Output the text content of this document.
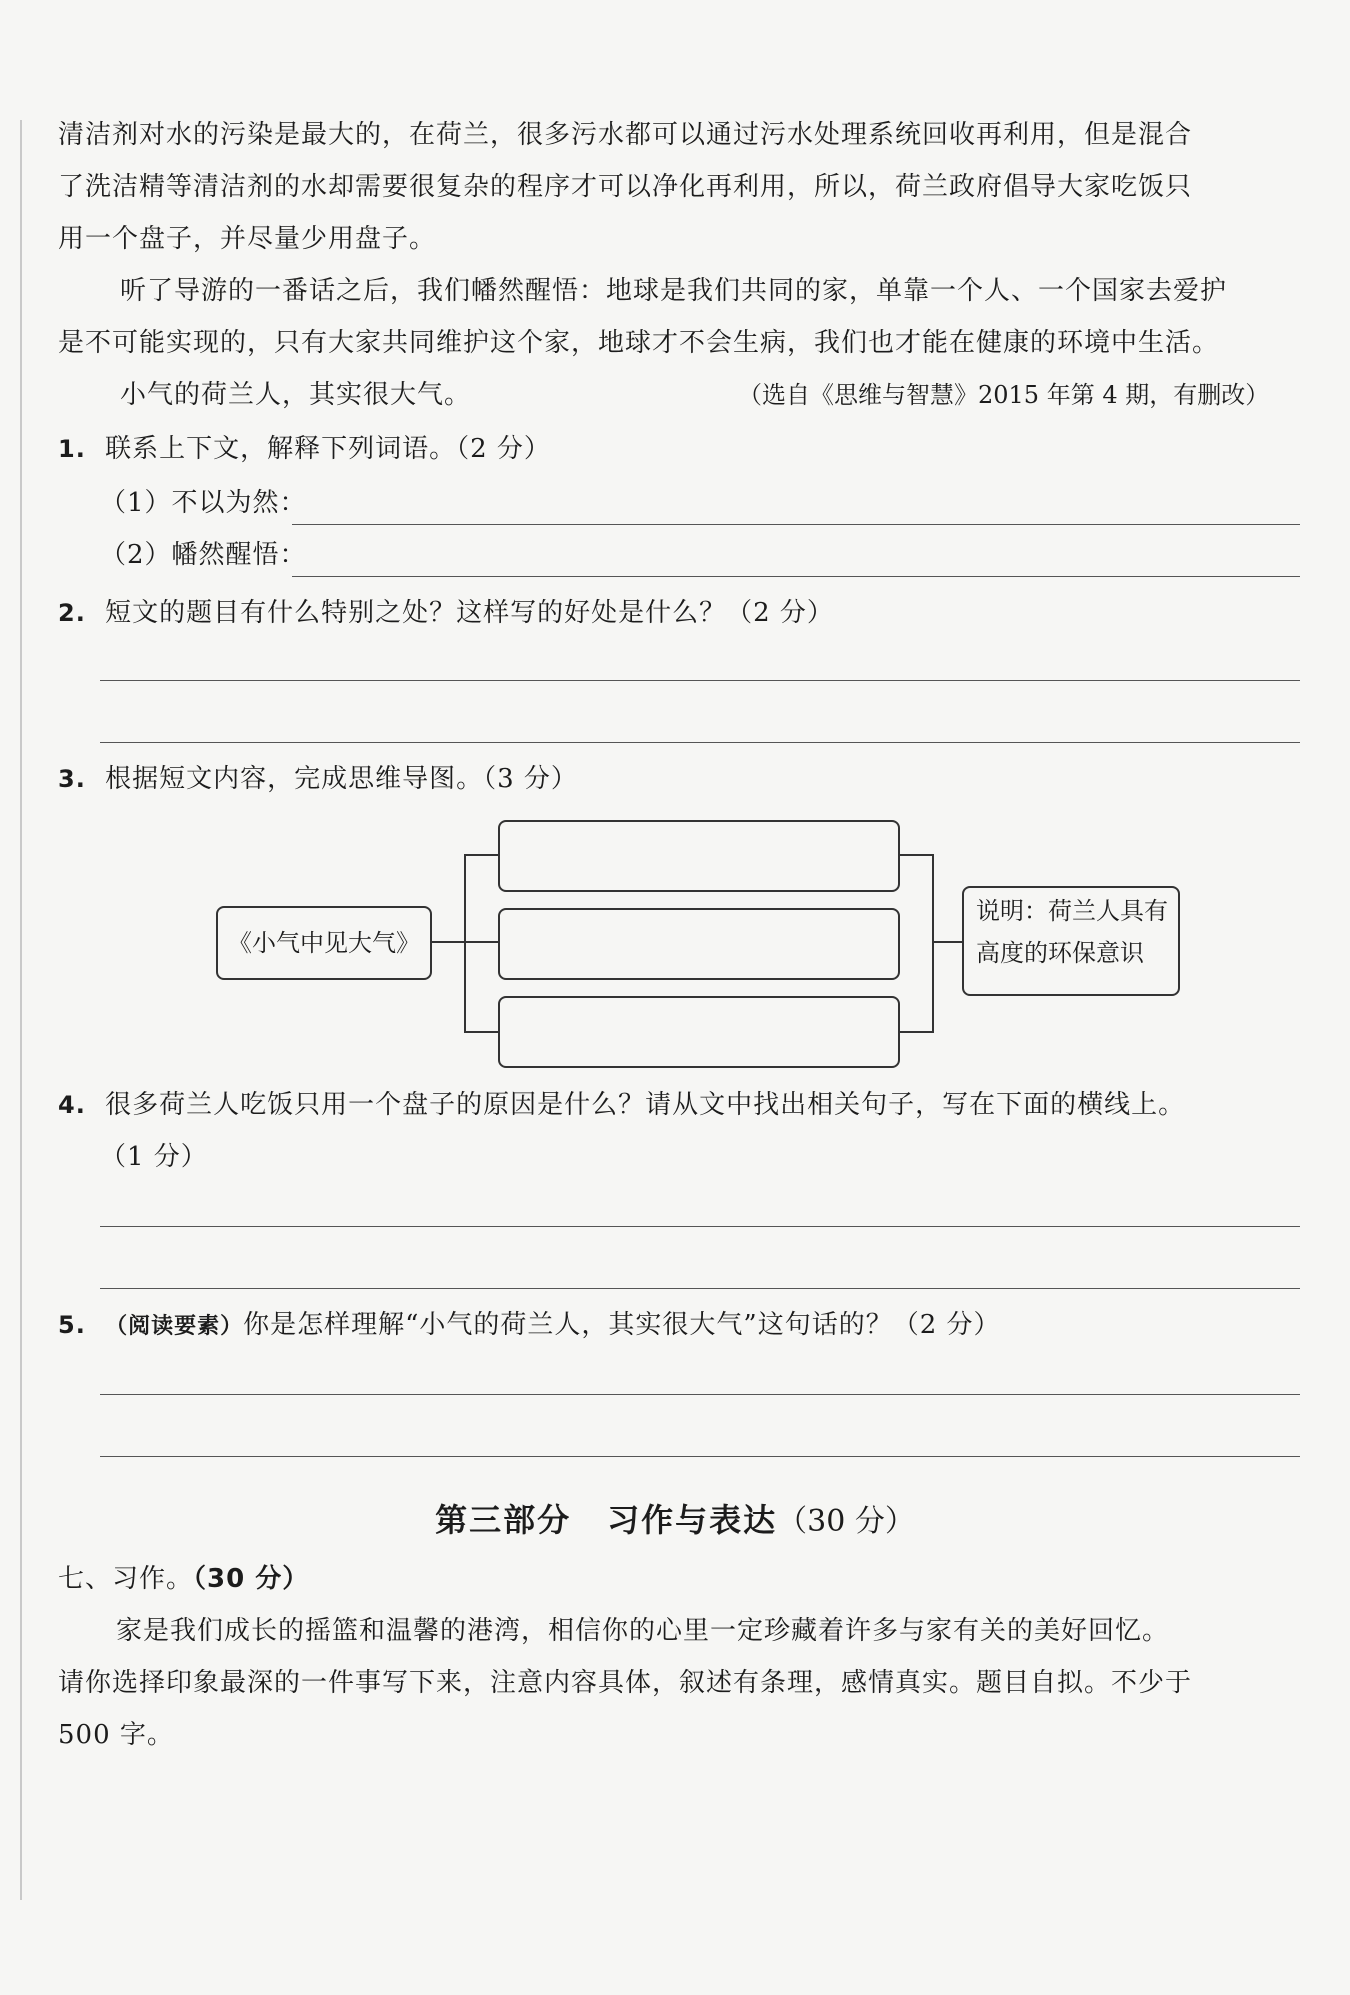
清洁剂对水的污染是最大的，在荷兰，很多污水都可以通过污水处理系统回收再利用，但是混合
了洗洁精等清洁剂的水却需要很复杂的程序才可以净化再利用，所以，荷兰政府倡导大家吃饭只
用一个盘子，并尽量少用盘子。
听了导游的一番话之后，我们幡然醒悟：地球是我们共同的家，单靠一个人、一个国家去爱护
是不可能实现的，只有大家共同维护这个家，地球才不会生病，我们也才能在健康的环境中生活。
小气的荷兰人，其实很大气。	（选自《思维与智慧》2015 年第 4 期，有删改）
1. 联系上下文，解释下列词语。（2 分）
（1）不以为然：
（2）幡然醒悟：
2. 短文的题目有什么特别之处？这样写的好处是什么？（2 分）
3. 根据短文内容，完成思维导图。（3 分）
《小气中见大气》
说明：荷兰人具有
高度的环保意识
4. 很多荷兰人吃饭只用一个盘子的原因是什么？请从文中找出相关句子，写在下面的横线上。
（1 分）
5. （阅读要素）你是怎样理解“小气的荷兰人，其实很大气”这句话的？（2 分）
第三部分 习作与表达（30 分）
七、习作。（30 分）
家是我们成长的摇篮和温馨的港湾，相信你的心里一定珍藏着许多与家有关的美好回忆。
请你选择印象最深的一件事写下来，注意内容具体，叙述有条理，感情真实。题目自拟。不少于
500 字。
